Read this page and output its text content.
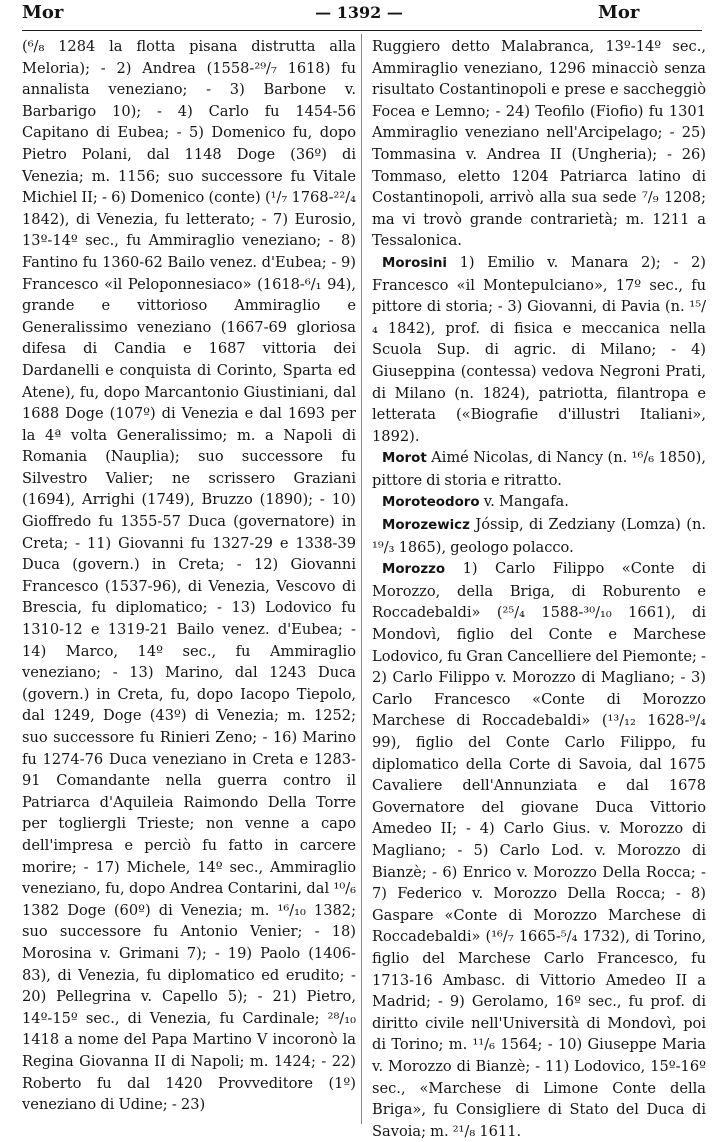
Mor	— 1392 —	Mor

(⁶/₈ 1284 la flotta pisana distrutta alla Meloria); - 2) Andrea (1558-²⁹/₇ 1618) fu annalista veneziano; - 3) Barbone v. Barbarigo 10); - 4) Carlo fu 1454-56 Capitano di Eubea; - 5) Domenico fu, dopo Pietro Polani, dal 1148 Doge (36º) di Venezia; m. 1156; suo successore fu Vitale Michiel II; - 6) Domenico (conte) (¹/₇ 1768-²²/₄ 1842), di Venezia, fu letterato; - 7) Eurosio, 13º-14º sec., fu Ammiraglio veneziano; - 8) Fantino fu 1360-62 Bailo venez. d'Eubea; - 9) Francesco «il Peloponnesiaco» (1618-⁶/₁ 94), grande e vittorioso Ammiraglio e Generalissimo veneziano (1667-69 gloriosa difesa di Candia e 1687 vittoria dei Dardanelli e conquista di Corinto, Sparta ed Atene), fu, dopo Marcantonio Giustiniani, dal 1688 Doge (107º) di Venezia e dal 1693 per la 4ª volta Generalissimo; m. a Napoli di Romania (Nauplia); suo successore fu Silvestro Valier; ne scrissero Graziani (1694), Arrighi (1749), Bruzzo (1890); - 10) Gioffredo fu 1355-57 Duca (governatore) in Creta; - 11) Giovanni fu 1327-29 e 1338-39 Duca (govern.) in Creta; - 12) Giovanni Francesco (1537-96), di Venezia, Vescovo di Brescia, fu diplomatico; - 13) Lodovico fu 1310-12 e 1319-21 Bailo venez. d'Eubea; - 14) Marco, 14º sec., fu Ammiraglio veneziano; - 13) Marino, dal 1243 Duca (govern.) in Creta, fu, dopo Iacopo Tiepolo, dal 1249, Doge (43º) di Venezia; m. 1252; suo successore fu Rinieri Zeno; - 16) Marino fu 1274-76 Duca veneziano in Creta e 1283-91 Comandante nella guerra contro il Patriarca d'Aquileia Raimondo Della Torre per togliergli Trieste; non venne a capo dell'impresa e perciò fu fatto in carcere morire; - 17) Michele, 14º sec., Ammiraglio veneziano, fu, dopo Andrea Contarini, dal ¹⁰/₆ 1382 Doge (60º) di Venezia; m. ¹⁶/₁₀ 1382; suo successore fu Antonio Venier; - 18) Morosina v. Grimani 7); - 19) Paolo (1406-83), di Venezia, fu diplomatico ed erudito; - 20) Pellegrina v. Capello 5); - 21) Pietro, 14º-15º sec., di Venezia, fu Cardinale; ²⁸/₁₀ 1418 a nome del Papa Martino V incoronò la Regina Giovanna II di Napoli; m. 1424; - 22) Roberto fu dal 1420 Provveditore (1º) veneziano di Udine; - 23)

Ruggiero detto Malabranca, 13º-14º sec., Ammiraglio veneziano, 1296 minacciò senza risultato Costantinopoli e prese e saccheggiò Focea e Lemno; - 24) Teofilo (Fiofio) fu 1301 Ammiraglio veneziano nell'Arcipelago; - 25) Tommasina v. Andrea II (Ungheria); - 26) Tommaso, eletto 1204 Patriarca latino di Costantinopoli, arrivò alla sua sede ⁷/₉ 1208; ma vi trovò grande contrarietà; m. 1211 a Tessalonica.

Morosini 1) Emilio v. Manara 2); - 2) Francesco «il Montepulciano», 17º sec., fu pittore di storia; - 3) Giovanni, di Pavia (n. ¹⁵/₄ 1842), prof. di fisica e meccanica nella Scuola Sup. di agric. di Milano; - 4) Giuseppina (contessa) vedova Negroni Prati, di Milano (n. 1824), patriotta, filantropa e letterata («Biografie d'illustri Italiani», 1892).

Morot Aimé Nicolas, di Nancy (n. ¹⁶/₆ 1850), pittore di storia e ritratto.

Moroteodoro v. Mangafa.

Morozewicz Jóssip, di Zedziany (Lomza) (n. ¹⁹/₃ 1865), geologo polacco.

Morozzo 1) Carlo Filippo «Conte di Morozzo, della Briga, di Roburento e Roccadebaldi» (²⁵/₄ 1588-³⁰/₁₀ 1661), di Mondovì, figlio del Conte e Marchese Lodovico, fu Gran Cancelliere del Piemonte; - 2) Carlo Filippo v. Morozzo di Magliano; - 3) Carlo Francesco «Conte di Morozzo Marchese di Roccadebaldi» (¹³/₁₂ 1628-⁹/₄ 99), figlio del Conte Carlo Filippo, fu diplomatico della Corte di Savoia, dal 1675 Cavaliere dell'Annunziata e dal 1678 Governatore del giovane Duca Vittorio Amedeo II; - 4) Carlo Gius. v. Morozzo di Magliano; - 5) Carlo Lod. v. Morozzo di Bianzè; - 6) Enrico v. Morozzo Della Rocca; - 7) Federico v. Morozzo Della Rocca; - 8) Gaspare «Conte di Morozzo Marchese di Roccadebaldi» (¹⁶/₇ 1665-⁵/₄ 1732), di Torino, figlio del Marchese Carlo Francesco, fu 1713-16 Ambasc. di Vittorio Amedeo II a Madrid; - 9) Gerolamo, 16º sec., fu prof. di diritto civile nell'Università di Mondovì, poi di Torino; m. ¹¹/₆ 1564; - 10) Giuseppe Maria v. Morozzo di Bianzè; - 11) Lodovico, 15º-16º sec., «Marchese di Limone Conte della Briga», fu Consigliere di Stato del Duca di Savoia; m. ²¹/₈ 1611.
